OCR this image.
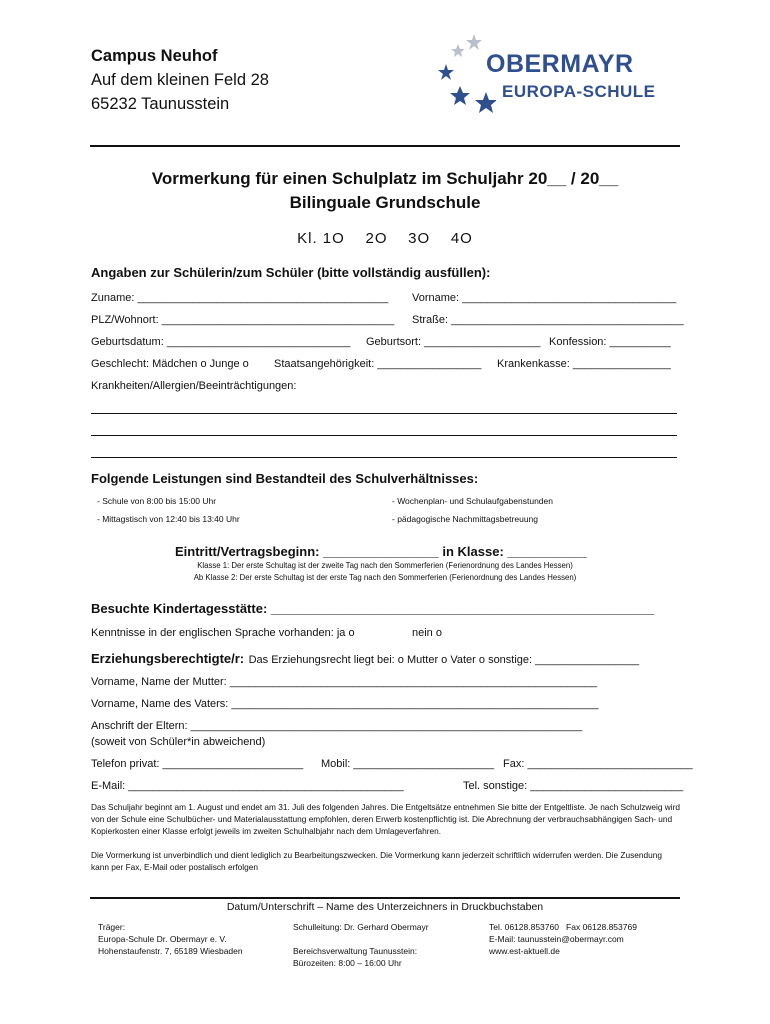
Campus Neuhof
Auf dem kleinen Feld 28
65232 Taunusstein
OBERMAYR
EUROPA-SCHULE
Vormerkung für einen Schulplatz im Schuljahr 20__ / 20__
Bilinguale Grundschule
Kl. 1O    2O    3O    4O
Angaben zur Schülerin/zum Schüler (bitte vollständig ausfüllen):
Zuname: _________________________________________ Vorname: ___________________________________
PLZ/Wohnort: ______________________________________ Straße: ______________________________________
Geburtsdatum: ______________________________ Geburtsort: ___________________ Konfession: __________
Geschlecht: Mädchen o Junge o Staatsangehörigkeit: _________________ Krankenkasse: ________________
Krankheiten/Allergien/Beeinträchtigungen:
Folgende Leistungen sind Bestandteil des Schulverhältnisses:
- Schule von 8:00 bis 15:00 Uhr	- Wochenplan- und Schulaufgabenstunden
- Mittagstisch von 12:40 bis 13:40 Uhr	- pädagogische Nachmittagsbetreuung
Eintritt/Vertragsbeginn: ________________ in Klasse: ___________
Klasse 1: Der erste Schultag ist der zweite Tag nach den Sommerferien (Ferienordnung des Landes Hessen)
Ab Klasse 2: Der erste Schultag ist der erste Tag nach den Sommerferien (Ferienordnung des Landes Hessen)
Besuchte Kindertagesstätte: _____________________________________________________
Kenntnisse in der englischen Sprache vorhanden: ja o	nein o
Erziehungsberechtigte/r: Das Erziehungsrecht liegt bei: o Mutter o Vater o sonstige: _________________
Vorname, Name der Mutter: ____________________________________________________________
Vorname, Name des Vaters: ____________________________________________________________
Anschrift der Eltern: ________________________________________________________________
(soweit von Schüler*in abweichend)
Telefon privat: _______________________ Mobil: _______________________ Fax: ___________________________
E-Mail: _____________________________________________	Tel. sonstige: _________________________
Das Schuljahr beginnt am 1. August und endet am 31. Juli des folgenden Jahres. Die Entgeltsätze entnehmen Sie bitte der Entgeltliste. Je nach Schulzweig wird von der Schule eine Schulbücher- und Materialausstattung empfohlen, deren Erwerb kostenpflichtig ist. Die Abrechnung der verbrauchsabhängigen Sach- und Kopierkosten einer Klasse erfolgt jeweils im zweiten Schulhalbjahr nach dem Umlageverfahren.
Die Vormerkung ist unverbindlich und dient lediglich zu Bearbeitungszwecken. Die Vormerkung kann jederzeit schriftlich widerrufen werden. Die Zusendung kann per Fax, E-Mail oder postalisch erfolgen
Datum/Unterschrift – Name des Unterzeichners in Druckbuchstaben
Träger:
Europa-Schule Dr. Obermayr e. V.
Hohenstaufenstr. 7, 65189 Wiesbaden
Schulleitung: Dr. Gerhard Obermayr
Bereichsverwaltung Taunusstein:
Bürozeiten: 8:00 – 16:00 Uhr
Tel. 06128.853760   Fax 06128.853769
E-Mail: taunusstein@obermayr.com
www.est-aktuell.de
